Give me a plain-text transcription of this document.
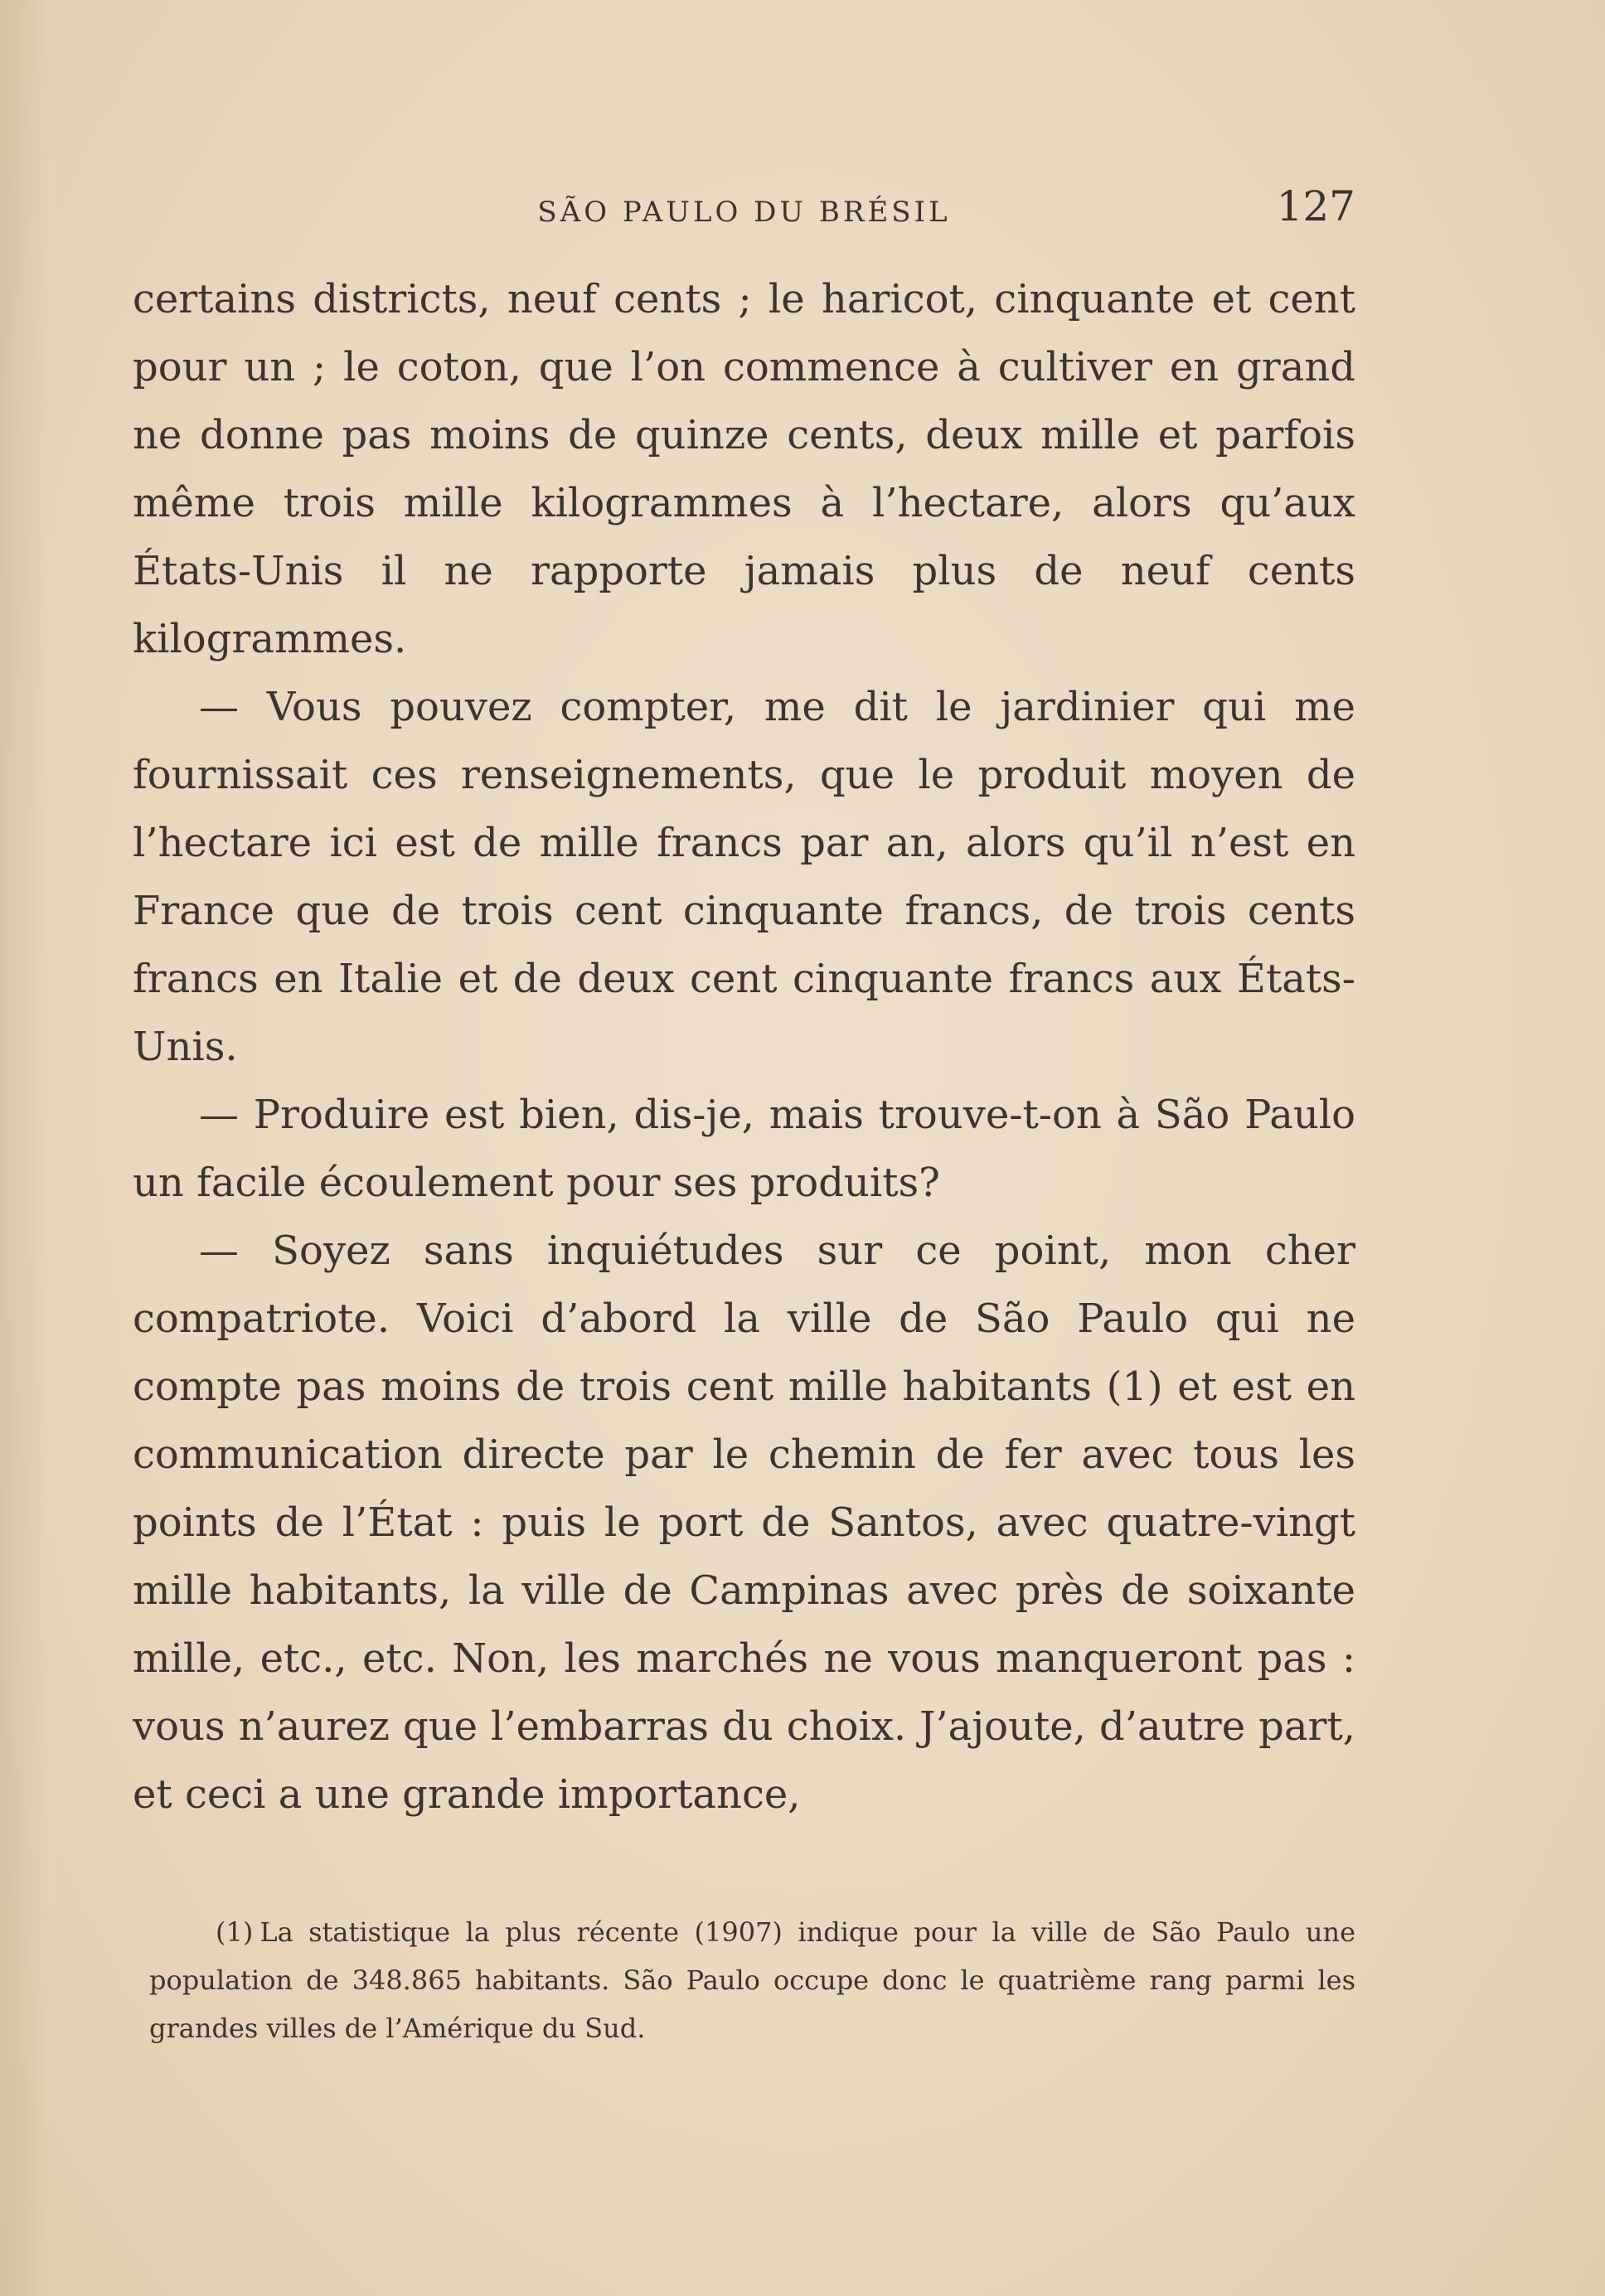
SÃO PAULO DU BRÉSIL	127

certains districts, neuf cents ; le haricot, cinquante et cent pour un ; le coton, que l’on commence à cultiver en grand ne donne pas moins de quinze cents, deux mille et parfois même trois mille kilogrammes à l’hectare, alors qu’aux États-Unis il ne rapporte jamais plus de neuf cents kilogrammes.

— Vous pouvez compter, me dit le jardinier qui me fournissait ces renseignements, que le produit moyen de l’hectare ici est de mille francs par an, alors qu’il n’est en France que de trois cent cinquante francs, de trois cents francs en Italie et de deux cent cinquante francs aux États-Unis.

— Produire est bien, dis-je, mais trouve-t-on à São Paulo un facile écoulement pour ses produits?

— Soyez sans inquiétudes sur ce point, mon cher compatriote. Voici d’abord la ville de São Paulo qui ne compte pas moins de trois cent mille habitants (1) et est en communication directe par le chemin de fer avec tous les points de l’État : puis le port de Santos, avec quatre-vingt mille habitants, la ville de Campinas avec près de soixante mille, etc., etc. Non, les marchés ne vous manqueront pas : vous n’aurez que l’embarras du choix. J’ajoute, d’autre part, et ceci a une grande importance,

(1) La statistique la plus récente (1907) indique pour la ville de São Paulo une population de 348.865 habitants. São Paulo occupe donc le quatrième rang parmi les grandes villes de l’Amérique du Sud.
